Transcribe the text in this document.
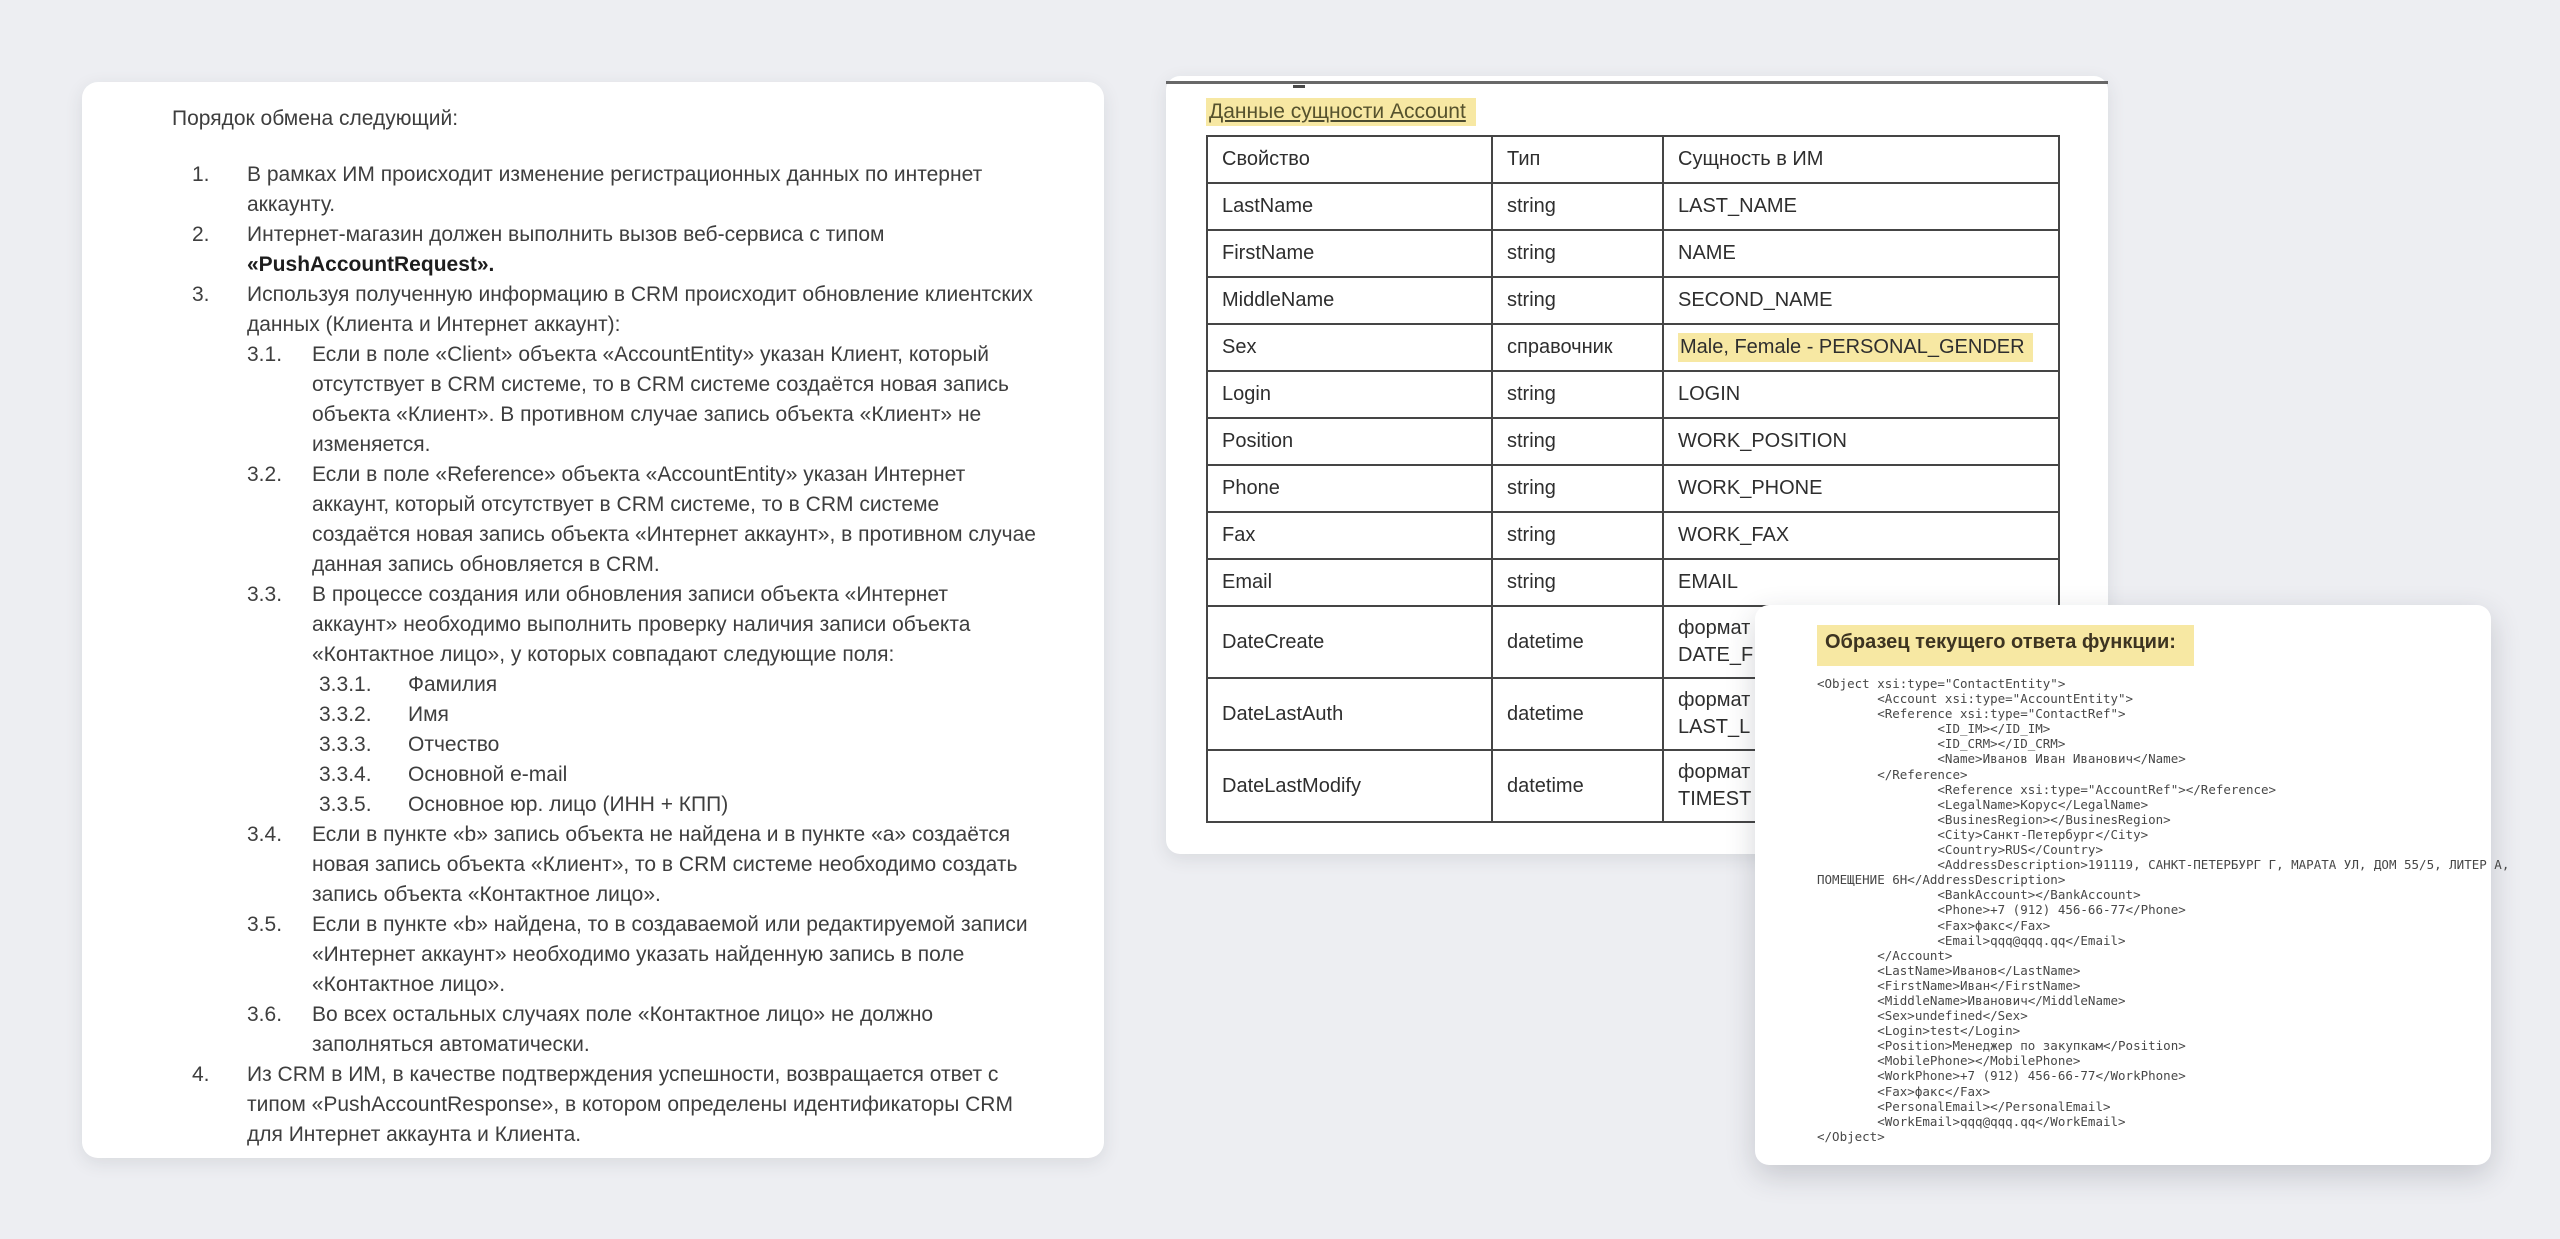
Порядок обмена следующий:
1.	В рамках ИМ происходит изменение регистрационных данных по интернет
аккаунту.
2.	Интернет-магазин должен выполнить вызов веб-сервиса с типом
«PushAccountRequest».
3.	Используя полученную информацию в CRM происходит обновление клиентских
данных (Клиента и Интернет аккаунт):
3.1.	Если в поле «Client» объекта «AccountEntity» указан Клиент, который
отсутствует в CRM системе, то в CRM системе создаётся новая запись
объекта «Клиент». В противном случае запись объекта «Клиент» не
изменяется.
3.2.	Если в поле «Reference» объекта «AccountEntity» указан Интернет
аккаунт, который отсутствует в CRM системе, то в CRM системе
создаётся новая запись объекта «Интернет аккаунт», в противном случае
данная запись обновляется в CRM.
3.3.	В процессе создания или обновления записи объекта «Интернет
аккаунт» необходимо выполнить проверку наличия записи объекта
«Контактное лицо», у которых совпадают следующие поля:
3.3.1.	Фамилия
3.3.2.	Имя
3.3.3.	Отчество
3.3.4.	Основной e-mail
3.3.5.	Основное юр. лицо (ИНН + КПП)
3.4.	Если в пункте «b» запись объекта не найдена и в пункте «a» создаётся
новая запись объекта «Клиент», то в CRM системе необходимо создать
запись объекта «Контактное лицо».
3.5.	Если в пункте «b» найдена, то в создаваемой или редактируемой записи
«Интернет аккаунт» необходимо указать найденную запись в поле
«Контактное лицо».
3.6.	Во всех остальных случаях поле «Контактное лицо» не должно
заполняться автоматически.
4.	Из CRM в ИМ, в качестве подтверждения успешности, возвращается ответ с
типом «PushAccountResponse», в котором определены идентификаторы CRM
для Интернет аккаунта и Клиента.
Данные сущности Account
Свойство	Тип	Сущность в ИМ
LastName	string	LAST_NAME
FirstName	string	NAME
MiddleName	string	SECOND_NAME
Sex	справочник	Male, Female - PERSONAL_GENDER
Login	string	LOGIN
Position	string	WORK_POSITION
Phone	string	WORK_PHONE
Fax	string	WORK_FAX
Email	string	EMAIL
DateCreate	datetime	формат
DATE_F

DateLastAuth	datetime	формат
LAST_L

DateLastModify	datetime	формат
TIMEST
Образец текущего ответа функции:
<Object xsi:type="ContactEntity">
<Account xsi:type="AccountEntity">
<Reference xsi:type="ContactRef">
<ID_IM></ID_IM>
<ID_CRM></ID_CRM>
<Name>Иванов Иван Иванович</Name>
</Reference>
<Reference xsi:type="AccountRef"></Reference>
<LegalName>Корус</LegalName>
<BusinesRegion></BusinesRegion>
<City>Санкт-Петербург</City>
<Country>RUS</Country>
<AddressDescription>191119, САНКТ-ПЕТЕРБУРГ Г, МАРАТА УЛ, ДОМ 55/5, ЛИТЕР А,
ПОМЕЩЕНИЕ 6Н</AddressDescription>
<BankAccount></BankAccount>
<Phone>+7 (912) 456-66-77</Phone>
<Fax>факс</Fax>
<Email>qqq@qqq.qq</Email>
</Account>
<LastName>Иванов</LastName>
<FirstName>Иван</FirstName>
<MiddleName>Иванович</MiddleName>
<Sex>undefined</Sex>
<Login>test</Login>
<Position>Менеджер по закупкам</Position>
<MobilePhone></MobilePhone>
<WorkPhone>+7 (912) 456-66-77</WorkPhone>
<Fax>факс</Fax>
<PersonalEmail></PersonalEmail>
<WorkEmail>qqq@qqq.qq</WorkEmail>
</Object>
